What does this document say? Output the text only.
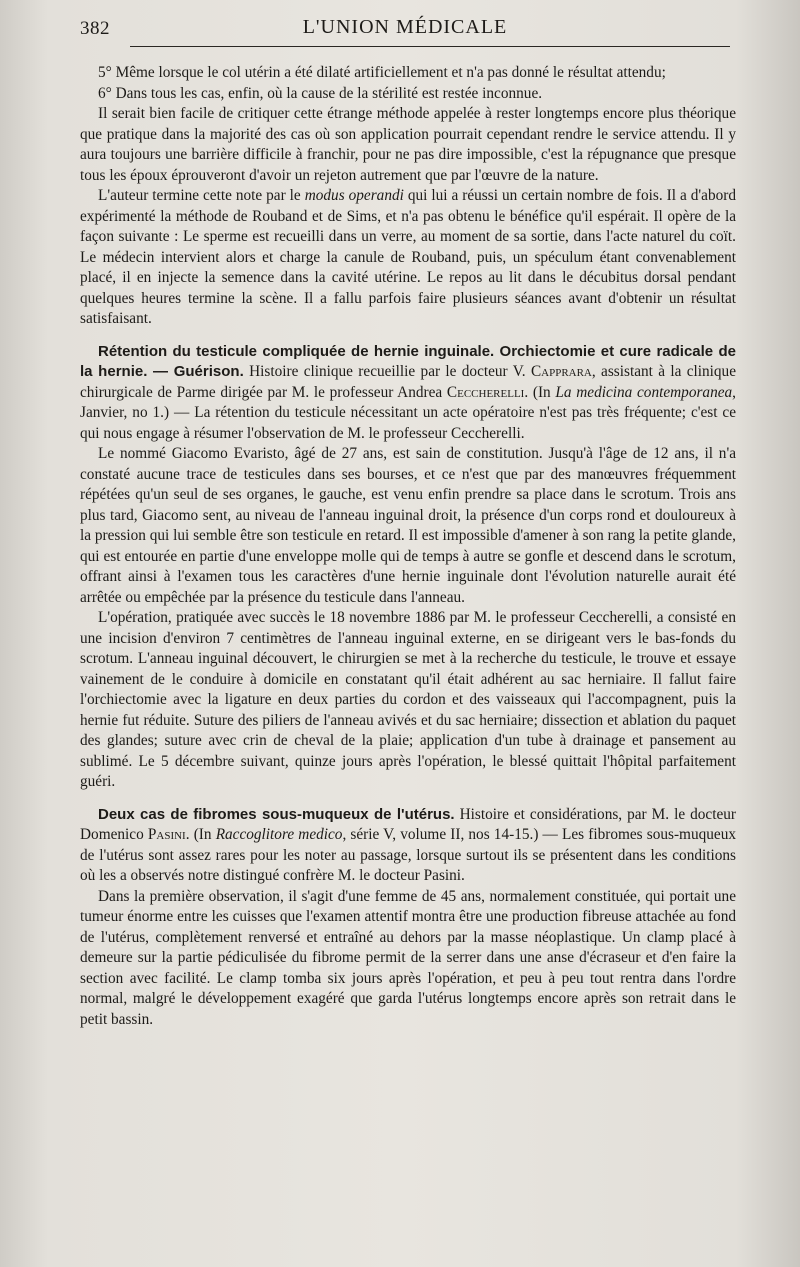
382	L'UNION MÉDICALE

5° Même lorsque le col utérin a été dilaté artificiellement et n'a pas donné le résultat attendu;

6° Dans tous les cas, enfin, où la cause de la stérilité est restée inconnue.

Il serait bien facile de critiquer cette étrange méthode appelée à rester longtemps encore plus théorique que pratique dans la majorité des cas où son application pourrait cependant rendre le service attendu. Il y aura toujours une barrière difficile à franchir, pour ne pas dire impossible, c'est la répugnance que presque tous les époux éprouveront d'avoir un rejeton autrement que par l'œuvre de la nature.

L'auteur termine cette note par le modus operandi qui lui a réussi un certain nombre de fois. Il a d'abord expérimenté la méthode de Rouband et de Sims, et n'a pas obtenu le bénéfice qu'il espérait. Il opère de la façon suivante : Le sperme est recueilli dans un verre, au moment de sa sortie, dans l'acte naturel du coït. Le médecin intervient alors et charge la canule de Rouband, puis, un spéculum étant convenablement placé, il en injecte la semence dans la cavité utérine. Le repos au lit dans le décubitus dorsal pendant quelques heures termine la scène. Il a fallu parfois faire plusieurs séances avant d'obtenir un résultat satisfaisant.

Rétention du testicule compliquée de hernie inguinale. Orchiectomie et cure radicale de la hernie. — Guérison. Histoire clinique recueillie par le docteur V. Capprara, assistant à la clinique chirurgicale de Parme dirigée par M. le professeur Andrea Ceccherelli. (In La medicina contemporanea, Janvier, no 1.) — La rétention du testicule nécessitant un acte opératoire n'est pas très fréquente; c'est ce qui nous engage à résumer l'observation de M. le professeur Ceccherelli.

Le nommé Giacomo Evaristo, âgé de 27 ans, est sain de constitution. Jusqu'à l'âge de 12 ans, il n'a constaté aucune trace de testicules dans ses bourses, et ce n'est que par des manœuvres fréquemment répétées qu'un seul de ses organes, le gauche, est venu enfin prendre sa place dans le scrotum. Trois ans plus tard, Giacomo sent, au niveau de l'anneau inguinal droit, la présence d'un corps rond et douloureux à la pression qui lui semble être son testicule en retard. Il est impossible d'amener à son rang la petite glande, qui est entourée en partie d'une enveloppe molle qui de temps à autre se gonfle et descend dans le scrotum, offrant ainsi à l'examen tous les caractères d'une hernie inguinale dont l'évolution naturelle aurait été arrêtée ou empêchée par la présence du testicule dans l'anneau.

L'opération, pratiquée avec succès le 18 novembre 1886 par M. le professeur Ceccherelli, a consisté en une incision d'environ 7 centimètres de l'anneau inguinal externe, en se dirigeant vers le bas-fonds du scrotum. L'anneau inguinal découvert, le chirurgien se met à la recherche du testicule, le trouve et essaye vainement de le conduire à domicile en constatant qu'il était adhérent au sac herniaire. Il fallut faire l'orchiectomie avec la ligature en deux parties du cordon et des vaisseaux qui l'accompagnent, puis la hernie fut réduite. Suture des piliers de l'anneau avivés et du sac herniaire; dissection et ablation du paquet des glandes; suture avec crin de cheval de la plaie; application d'un tube à drainage et pansement au sublimé. Le 5 décembre suivant, quinze jours après l'opération, le blessé quittait l'hôpital parfaitement guéri.

Deux cas de fibromes sous-muqueux de l'utérus. Histoire et considérations, par M. le docteur Domenico Pasini. (In Raccoglitore medico, série V, volume II, nos 14-15.) — Les fibromes sous-muqueux de l'utérus sont assez rares pour les noter au passage, lorsque surtout ils se présentent dans les conditions où les a observés notre distingué confrère M. le docteur Pasini.

Dans la première observation, il s'agit d'une femme de 45 ans, normalement constituée, qui portait une tumeur énorme entre les cuisses que l'examen attentif montra être une production fibreuse attachée au fond de l'utérus, complètement renversé et entraîné au dehors par la masse néoplastique. Un clamp placé à demeure sur la partie pédiculisée du fibrome permit de la serrer dans une anse d'écraseur et d'en faire la section avec facilité. Le clamp tomba six jours après l'opération, et peu à peu tout rentra dans l'ordre normal, malgré le développement exagéré que garda l'utérus longtemps encore après son retrait dans le petit bassin.
